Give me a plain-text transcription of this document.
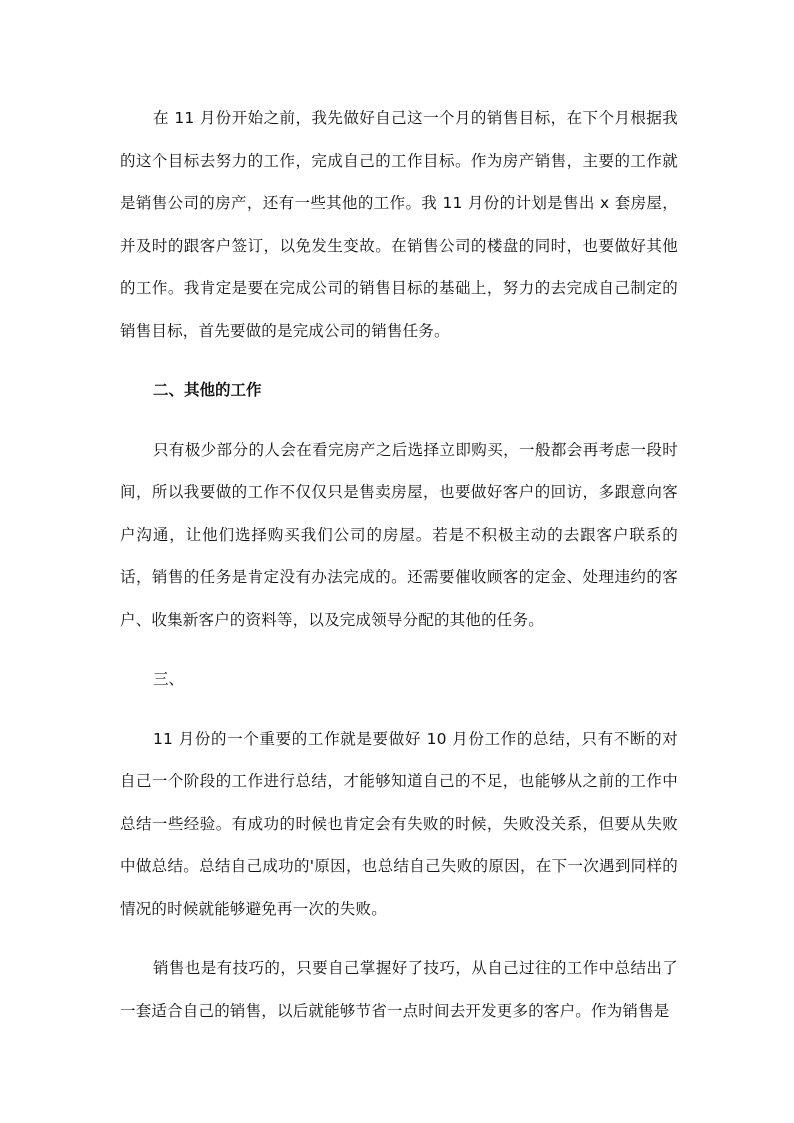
在 11 月份开始之前，我先做好自己这一个月的销售目标，在下个月根据我的这个目标去努力的工作，完成自己的工作目标。作为房产销售，主要的工作就是销售公司的房产，还有一些其他的工作。我 11 月份的计划是售出 x 套房屋，并及时的跟客户签订，以免发生变故。在销售公司的楼盘的同时，也要做好其他的工作。我肯定是要在完成公司的销售目标的基础上，努力的去完成自己制定的销售目标，首先要做的是完成公司的销售任务。

二、其他的工作

只有极少部分的人会在看完房产之后选择立即购买，一般都会再考虑一段时间，所以我要做的工作不仅仅只是售卖房屋，也要做好客户的回访，多跟意向客户沟通，让他们选择购买我们公司的房屋。若是不积极主动的去跟客户联系的话，销售的任务是肯定没有办法完成的。还需要催收顾客的定金、处理违约的客户、收集新客户的资料等，以及完成领导分配的其他的任务。

三、

11 月份的一个重要的工作就是要做好 10 月份工作的总结，只有不断的对自己一个阶段的工作进行总结，才能够知道自己的不足，也能够从之前的工作中总结一些经验。有成功的时候也肯定会有失败的时候，失败没关系，但要从失败中做总结。总结自己成功的'原因，也总结自己失败的原因，在下一次遇到同样的情况的时候就能够避免再一次的失败。

销售也是有技巧的，只要自己掌握好了技巧，从自己过往的工作中总结出了一套适合自己的销售，以后就能够节省一点时间去开发更多的客户。作为销售是
